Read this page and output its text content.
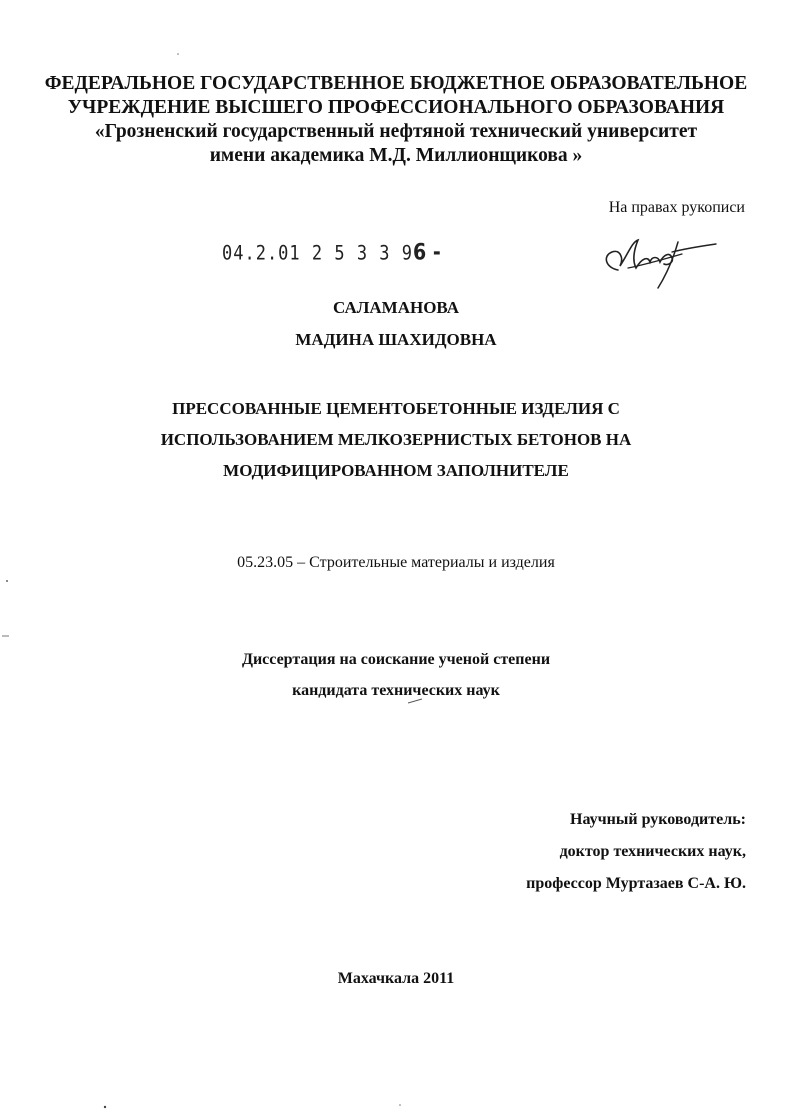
ФЕДЕРАЛЬНОЕ ГОСУДАРСТВЕННОЕ БЮДЖЕТНОЕ ОБРАЗОВАТЕЛЬНОЕ
УЧРЕЖДЕНИЕ ВЫСШЕГО ПРОФЕССИОНАЛЬНОГО ОБРАЗОВАНИЯ
«Грозненский государственный нефтяной технический университет
имени академика М.Д. Миллионщикова »
На правах рукописи
04.2.01 2 5 3 3 96 -
САЛАМАНОВА
МАДИНА ШАХИДОВНА
ПРЕССОВАННЫЕ ЦЕМЕНТОБЕТОННЫЕ ИЗДЕЛИЯ С
ИСПОЛЬЗОВАНИЕМ МЕЛКОЗЕРНИСТЫХ БЕТОНОВ НА
МОДИФИЦИРОВАННОМ ЗАПОЛНИТЕЛЕ
05.23.05 – Строительные материалы и изделия
Диссертация на соискание ученой степени
кандидата технических наук
Научный руководитель:
доктор технических наук,
профессор Муртазаев С-А. Ю.
Махачкала 2011
